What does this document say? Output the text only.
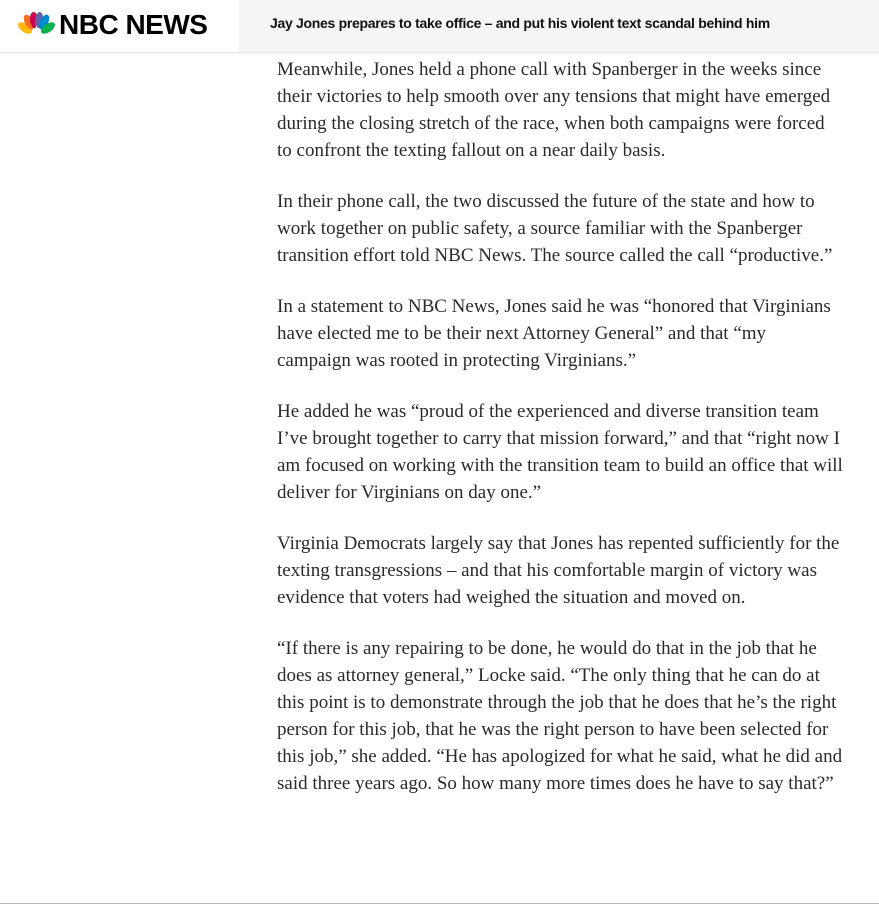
NBC NEWS	Jay Jones prepares to take office – and put his violent text scandal behind him

Meanwhile, Jones held a phone call with Spanberger in the weeks since their victories to help smooth over any tensions that might have emerged during the closing stretch of the race, when both campaigns were forced to confront the texting fallout on a near daily basis.

In their phone call, the two discussed the future of the state and how to work together on public safety, a source familiar with the Spanberger transition effort told NBC News. The source called the call “productive.”

In a statement to NBC News, Jones said he was “honored that Virginians have elected me to be their next Attorney General” and that “my campaign was rooted in protecting Virginians.”

He added he was “proud of the experienced and diverse transition team I’ve brought together to carry that mission forward,” and that “right now I am focused on working with the transition team to build an office that will deliver for Virginians on day one.”

Virginia Democrats largely say that Jones has repented sufficiently for the texting transgressions – and that his comfortable margin of victory was evidence that voters had weighed the situation and moved on.

“If there is any repairing to be done, he would do that in the job that he does as attorney general,” Locke said. “The only thing that he can do at this point is to demonstrate through the job that he does that he’s the right person for this job, that he was the right person to have been selected for this job,” she added. “He has apologized for what he said, what he did and said three years ago. So how many more times does he have to say that?”
